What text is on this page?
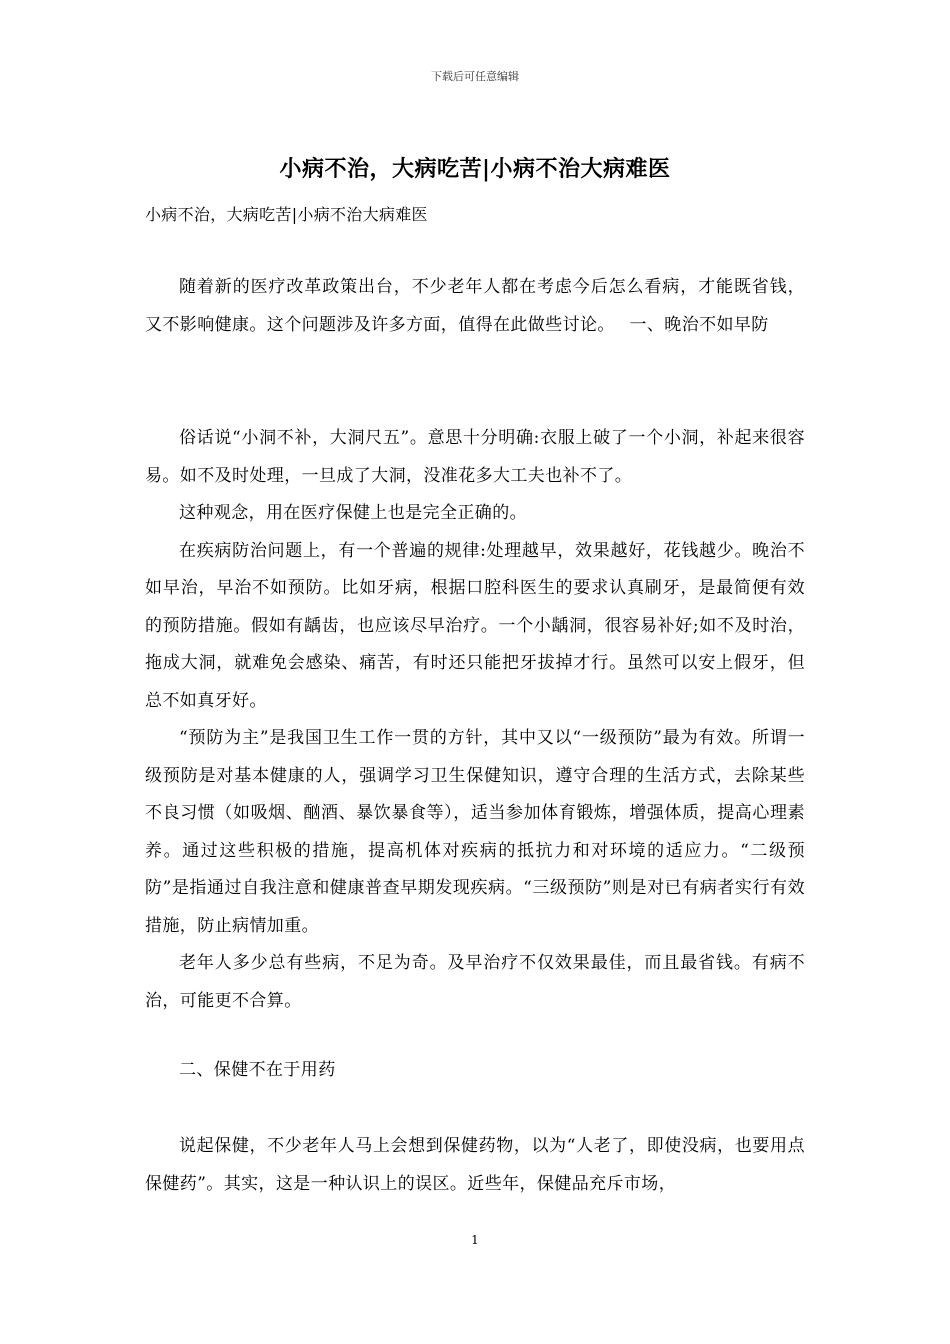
下载后可任意编辑
小病不治，大病吃苦|小病不治大病难医
小病不治，大病吃苦|小病不治大病难医

随着新的医疗改革政策出台，不少老年人都在考虑今后怎么看病，才能既省钱，又不影响健康。这个问题涉及许多方面，值得在此做些讨论。　 一、晚治不如早防

俗话说“小洞不补，大洞尺五”。意思十分明确:衣服上破了一个小洞，补起来很容易。如不及时处理，一旦成了大洞，没准花多大工夫也补不了。

这种观念，用在医疗保健上也是完全正确的。

在疾病防治问题上，有一个普遍的规律:处理越早，效果越好，花钱越少。晚治不如早治，早治不如预防。比如牙病，根据口腔科医生的要求认真刷牙，是最简便有效的预防措施。假如有龋齿，也应该尽早治疗。一个小龋洞，很容易补好;如不及时治，拖成大洞，就难免会感染、痛苦，有时还只能把牙拔掉才行。虽然可以安上假牙，但总不如真牙好。

“预防为主”是我国卫生工作一贯的方针，其中又以“一级预防”最为有效。所谓一级预防是对基本健康的人，强调学习卫生保健知识，遵守合理的生活方式，去除某些不良习惯（如吸烟、酗酒、暴饮暴食等），适当参加体育锻炼，增强体质，提高心理素养。通过这些积极的措施，提高机体对疾病的抵抗力和对环境的适应力。“二级预防”是指通过自我注意和健康普查早期发现疾病。“三级预防”则是对已有病者实行有效措施，防止病情加重。

老年人多少总有些病，不足为奇。及早治疗不仅效果最佳，而且最省钱。有病不治，可能更不合算。

二、保健不在于用药

说起保健，不少老年人马上会想到保健药物，以为“人老了，即使没病，也要用点保健药”。其实，这是一种认识上的误区。近些年，保健品充斥市场，

1
